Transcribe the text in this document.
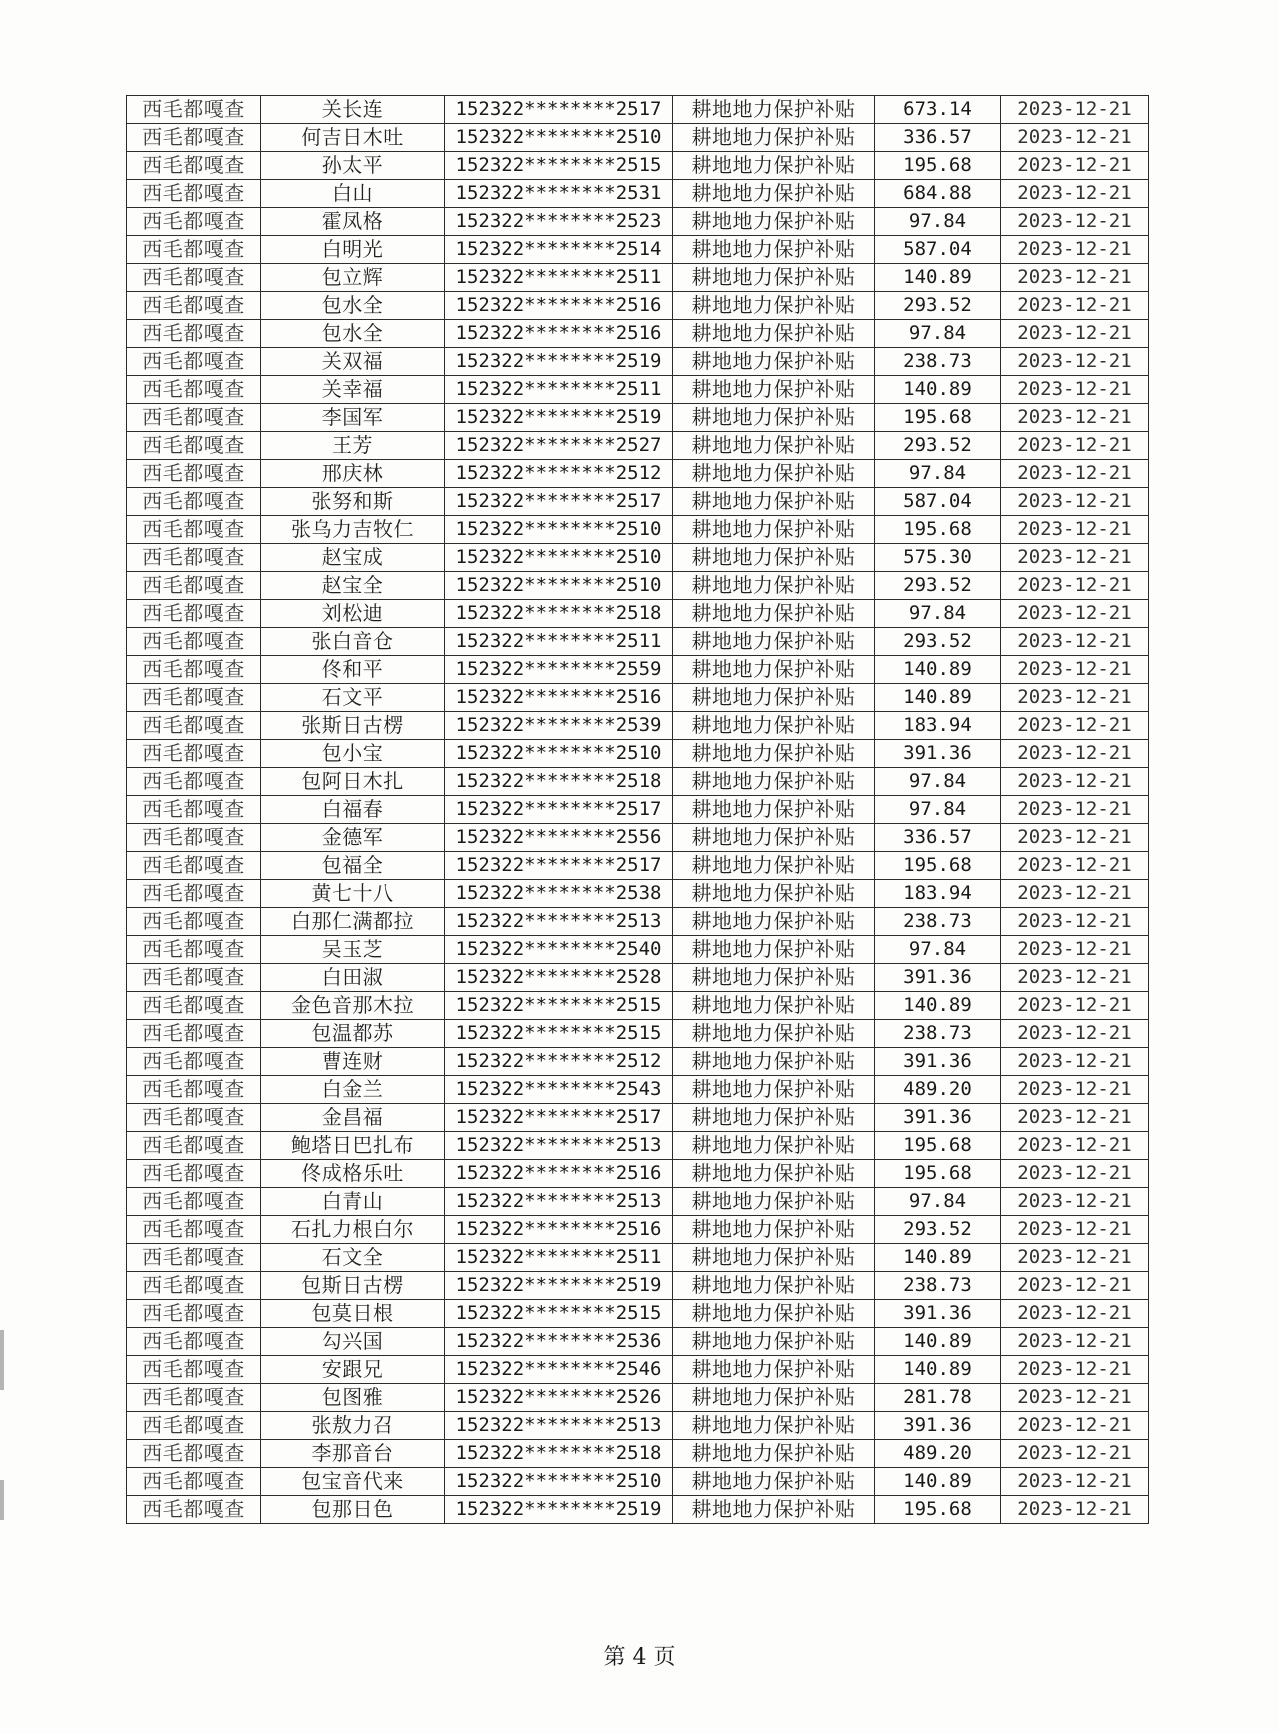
西毛都嘎查	关长连	152322********2517	耕地地力保护补贴	673.14	2023-12-21
西毛都嘎查	何吉日木吐	152322********2510	耕地地力保护补贴	336.57	2023-12-21
西毛都嘎查	孙太平	152322********2515	耕地地力保护补贴	195.68	2023-12-21
西毛都嘎查	白山	152322********2531	耕地地力保护补贴	684.88	2023-12-21
西毛都嘎查	霍凤格	152322********2523	耕地地力保护补贴	97.84	2023-12-21
西毛都嘎查	白明光	152322********2514	耕地地力保护补贴	587.04	2023-12-21
西毛都嘎查	包立辉	152322********2511	耕地地力保护补贴	140.89	2023-12-21
西毛都嘎查	包水全	152322********2516	耕地地力保护补贴	293.52	2023-12-21
西毛都嘎查	包水全	152322********2516	耕地地力保护补贴	97.84	2023-12-21
西毛都嘎查	关双福	152322********2519	耕地地力保护补贴	238.73	2023-12-21
西毛都嘎查	关幸福	152322********2511	耕地地力保护补贴	140.89	2023-12-21
西毛都嘎查	李国军	152322********2519	耕地地力保护补贴	195.68	2023-12-21
西毛都嘎查	王芳	152322********2527	耕地地力保护补贴	293.52	2023-12-21
西毛都嘎查	邢庆林	152322********2512	耕地地力保护补贴	97.84	2023-12-21
西毛都嘎查	张努和斯	152322********2517	耕地地力保护补贴	587.04	2023-12-21
西毛都嘎查	张乌力吉牧仁	152322********2510	耕地地力保护补贴	195.68	2023-12-21
西毛都嘎查	赵宝成	152322********2510	耕地地力保护补贴	575.30	2023-12-21
西毛都嘎查	赵宝全	152322********2510	耕地地力保护补贴	293.52	2023-12-21
西毛都嘎查	刘松迪	152322********2518	耕地地力保护补贴	97.84	2023-12-21
西毛都嘎查	张白音仓	152322********2511	耕地地力保护补贴	293.52	2023-12-21
西毛都嘎查	佟和平	152322********2559	耕地地力保护补贴	140.89	2023-12-21
西毛都嘎查	石文平	152322********2516	耕地地力保护补贴	140.89	2023-12-21
西毛都嘎查	张斯日古楞	152322********2539	耕地地力保护补贴	183.94	2023-12-21
西毛都嘎查	包小宝	152322********2510	耕地地力保护补贴	391.36	2023-12-21
西毛都嘎查	包阿日木扎	152322********2518	耕地地力保护补贴	97.84	2023-12-21
西毛都嘎查	白福春	152322********2517	耕地地力保护补贴	97.84	2023-12-21
西毛都嘎查	金德军	152322********2556	耕地地力保护补贴	336.57	2023-12-21
西毛都嘎查	包福全	152322********2517	耕地地力保护补贴	195.68	2023-12-21
西毛都嘎查	黄七十八	152322********2538	耕地地力保护补贴	183.94	2023-12-21
西毛都嘎查	白那仁满都拉	152322********2513	耕地地力保护补贴	238.73	2023-12-21
西毛都嘎查	吴玉芝	152322********2540	耕地地力保护补贴	97.84	2023-12-21
西毛都嘎查	白田淑	152322********2528	耕地地力保护补贴	391.36	2023-12-21
西毛都嘎查	金色音那木拉	152322********2515	耕地地力保护补贴	140.89	2023-12-21
西毛都嘎查	包温都苏	152322********2515	耕地地力保护补贴	238.73	2023-12-21
西毛都嘎查	曹连财	152322********2512	耕地地力保护补贴	391.36	2023-12-21
西毛都嘎查	白金兰	152322********2543	耕地地力保护补贴	489.20	2023-12-21
西毛都嘎查	金昌福	152322********2517	耕地地力保护补贴	391.36	2023-12-21
西毛都嘎查	鲍塔日巴扎布	152322********2513	耕地地力保护补贴	195.68	2023-12-21
西毛都嘎查	佟成格乐吐	152322********2516	耕地地力保护补贴	195.68	2023-12-21
西毛都嘎查	白青山	152322********2513	耕地地力保护补贴	97.84	2023-12-21
西毛都嘎查	石扎力根白尔	152322********2516	耕地地力保护补贴	293.52	2023-12-21
西毛都嘎查	石文全	152322********2511	耕地地力保护补贴	140.89	2023-12-21
西毛都嘎查	包斯日古楞	152322********2519	耕地地力保护补贴	238.73	2023-12-21
西毛都嘎查	包莫日根	152322********2515	耕地地力保护补贴	391.36	2023-12-21
西毛都嘎查	勾兴国	152322********2536	耕地地力保护补贴	140.89	2023-12-21
西毛都嘎查	安跟兄	152322********2546	耕地地力保护补贴	140.89	2023-12-21
西毛都嘎查	包图雅	152322********2526	耕地地力保护补贴	281.78	2023-12-21
西毛都嘎查	张敖力召	152322********2513	耕地地力保护补贴	391.36	2023-12-21
西毛都嘎查	李那音台	152322********2518	耕地地力保护补贴	489.20	2023-12-21
西毛都嘎查	包宝音代来	152322********2510	耕地地力保护补贴	140.89	2023-12-21
西毛都嘎查	包那日色	152322********2519	耕地地力保护补贴	195.68	2023-12-21
第 4 页
